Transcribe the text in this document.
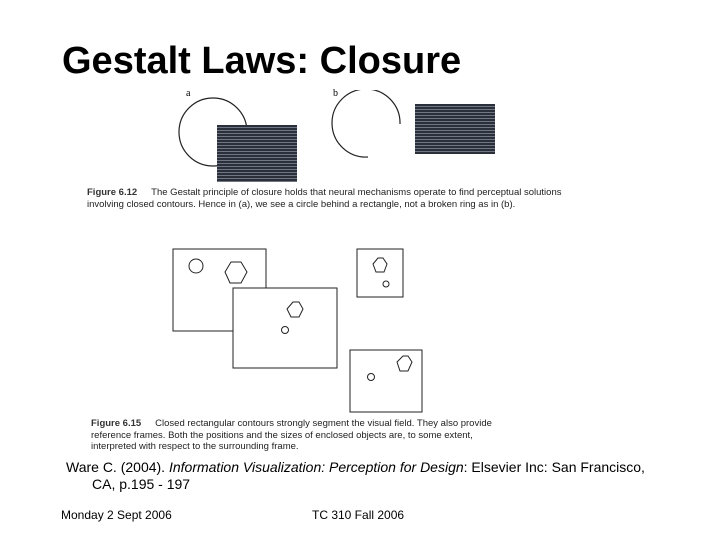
Gestalt Laws: Closure
a	b
Figure 6.12 The Gestalt principle of closure holds that neural mechanisms operate to find perceptual solutions involving closed contours. Hence in (a), we see a circle behind a rectangle, not a broken ring as in (b).
Figure 6.15 Closed rectangular contours strongly segment the visual field. They also provide reference frames. Both the positions and the sizes of enclosed objects are, to some extent, interpreted with respect to the surrounding frame.
Ware C. (2004). Information Visualization: Perception for Design: Elsevier Inc: San Francisco,
CA, p.195 - 197
Monday 2 Sept 2006	TC 310 Fall 2006
